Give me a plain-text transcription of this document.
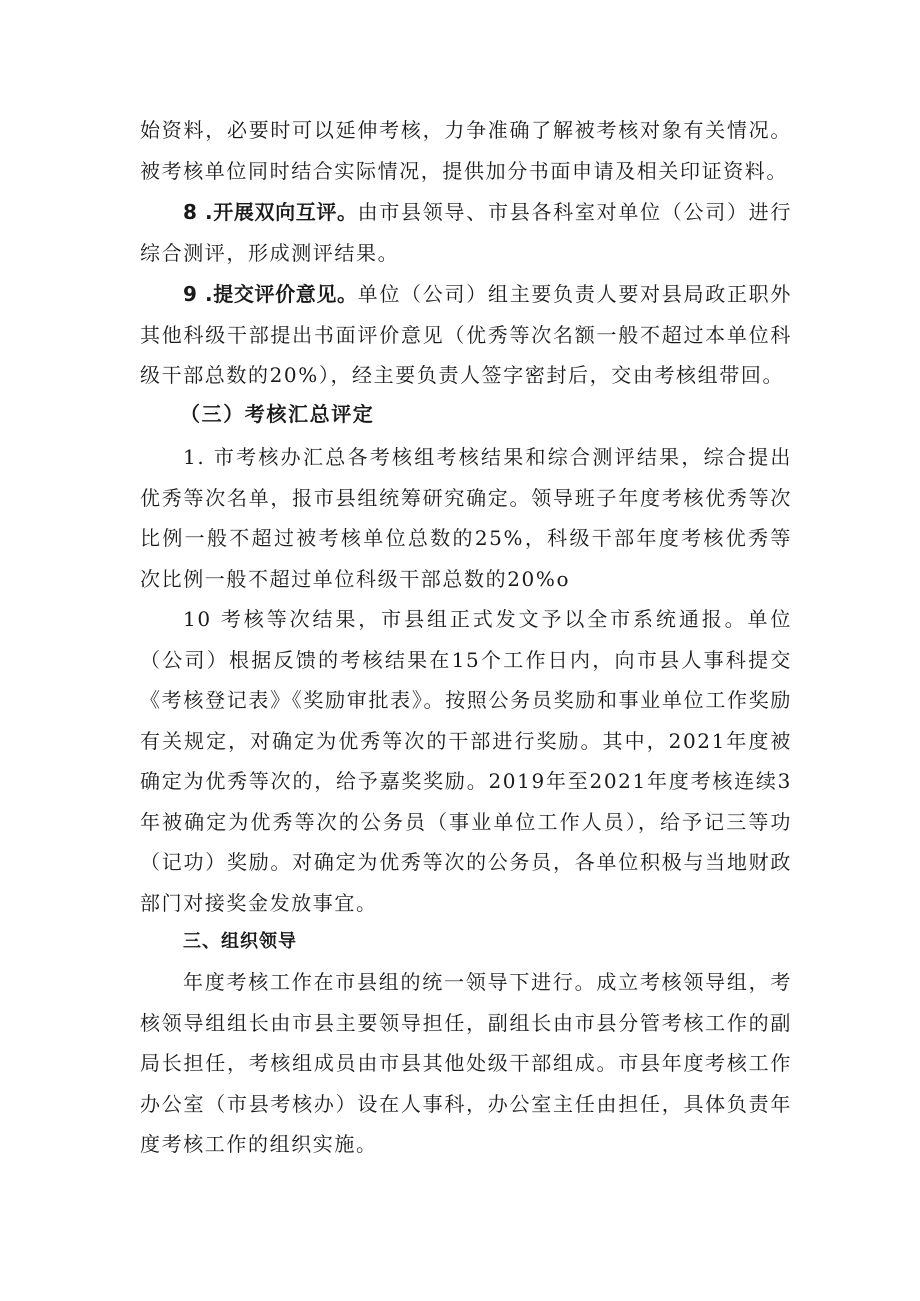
始资料，必要时可以延伸考核，力争准确了解被考核对象有关情况。被考核单位同时结合实际情况，提供加分书面申请及相关印证资料。

8 .开展双向互评。由市县领导、市县各科室对单位（公司）进行综合测评，形成测评结果。

9 .提交评价意见。单位（公司）组主要负责人要对县局政正职外其他科级干部提出书面评价意见（优秀等次名额一般不超过本单位科级干部总数的20%），经主要负责人签字密封后，交由考核组带回。

（三）考核汇总评定

1. 市考核办汇总各考核组考核结果和综合测评结果，综合提出优秀等次名单，报市县组统筹研究确定。领导班子年度考核优秀等次比例一般不超过被考核单位总数的25%，科级干部年度考核优秀等次比例一般不超过单位科级干部总数的20%o

10 考核等次结果，市县组正式发文予以全市系统通报。单位（公司）根据反馈的考核结果在15个工作日内，向市县人事科提交《考核登记表》《奖励审批表》。按照公务员奖励和事业单位工作奖励有关规定，对确定为优秀等次的干部进行奖励。其中，2021年度被确定为优秀等次的，给予嘉奖奖励。2019年至2021年度考核连续3年被确定为优秀等次的公务员（事业单位工作人员），给予记三等功（记功）奖励。对确定为优秀等次的公务员，各单位积极与当地财政部门对接奖金发放事宜。

三、组织领导

年度考核工作在市县组的统一领导下进行。成立考核领导组，考核领导组组长由市县主要领导担任，副组长由市县分管考核工作的副局长担任，考核组成员由市县其他处级干部组成。市县年度考核工作办公室（市县考核办）设在人事科，办公室主任由担任，具体负责年度考核工作的组织实施。
